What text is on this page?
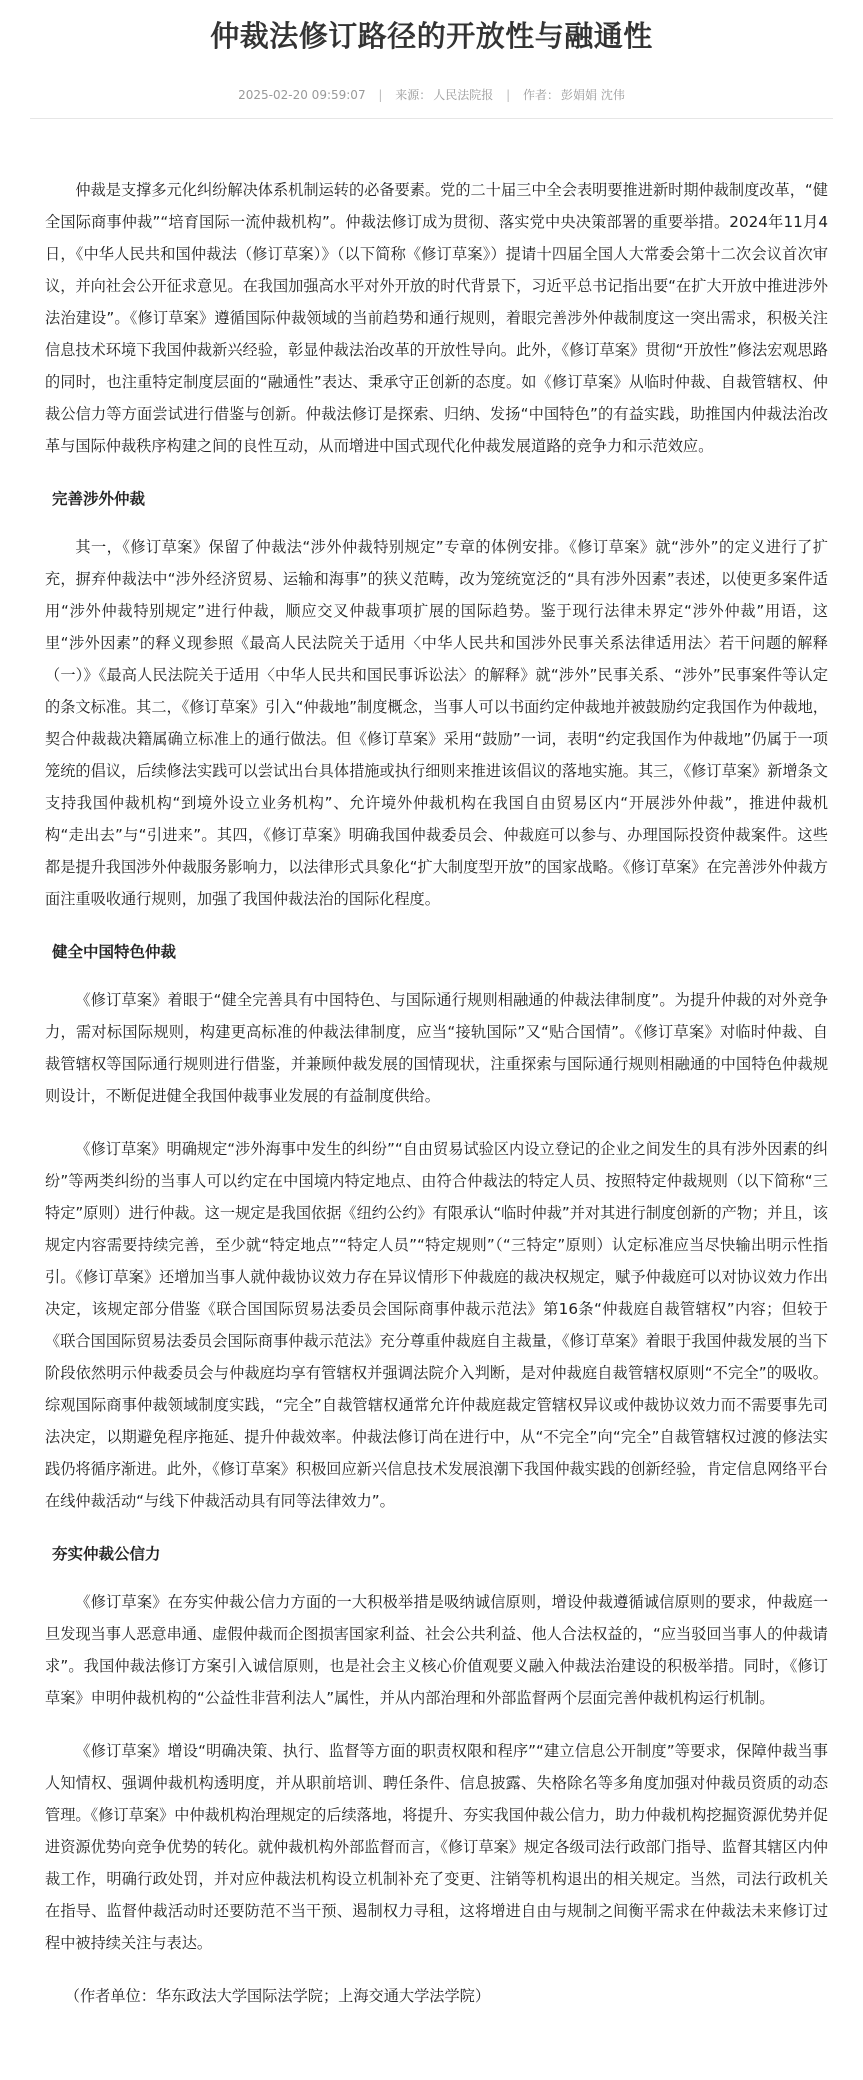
仲裁法修订路径的开放性与融通性
2025-02-20 09:59:07 | 来源： 人民法院报 | 作者： 彭娟娟 沈伟

仲裁是支撑多元化纠纷解决体系机制运转的必备要素。党的二十届三中全会表明要推进新时期仲裁制度改革，“健全国际商事仲裁”“培育国际一流仲裁机构”。仲裁法修订成为贯彻、落实党中央决策部署的重要举措。2024年11月4日，《中华人民共和国仲裁法（修订草案）》（以下简称《修订草案》）提请十四届全国人大常委会第十二次会议首次审议，并向社会公开征求意见。在我国加强高水平对外开放的时代背景下，习近平总书记指出要“在扩大开放中推进涉外法治建设”。《修订草案》遵循国际仲裁领域的当前趋势和通行规则，着眼完善涉外仲裁制度这一突出需求，积极关注信息技术环境下我国仲裁新兴经验，彰显仲裁法治改革的开放性导向。此外，《修订草案》贯彻“开放性”修法宏观思路的同时，也注重特定制度层面的“融通性”表达、秉承守正创新的态度。如《修订草案》从临时仲裁、自裁管辖权、仲裁公信力等方面尝试进行借鉴与创新。仲裁法修订是探索、归纳、发扬“中国特色”的有益实践，助推国内仲裁法治改革与国际仲裁秩序构建之间的良性互动，从而增进中国式现代化仲裁发展道路的竞争力和示范效应。

完善涉外仲裁

其一，《修订草案》保留了仲裁法“涉外仲裁特别规定”专章的体例安排。《修订草案》就“涉外”的定义进行了扩充，摒弃仲裁法中“涉外经济贸易、运输和海事”的狭义范畴，改为笼统宽泛的“具有涉外因素”表述，以使更多案件适用“涉外仲裁特别规定”进行仲裁，顺应交叉仲裁事项扩展的国际趋势。鉴于现行法律未界定“涉外仲裁”用语，这里“涉外因素”的释义现参照《最高人民法院关于适用〈中华人民共和国涉外民事关系法律适用法〉若干问题的解释（一）》《最高人民法院关于适用〈中华人民共和国民事诉讼法〉的解释》就“涉外”民事关系、“涉外”民事案件等认定的条文标准。其二，《修订草案》引入“仲裁地”制度概念，当事人可以书面约定仲裁地并被鼓励约定我国作为仲裁地，契合仲裁裁决籍属确立标准上的通行做法。但《修订草案》采用“鼓励”一词，表明“约定我国作为仲裁地”仍属于一项笼统的倡议，后续修法实践可以尝试出台具体措施或执行细则来推进该倡议的落地实施。其三，《修订草案》新增条文支持我国仲裁机构“到境外设立业务机构”、允许境外仲裁机构在我国自由贸易区内“开展涉外仲裁”，推进仲裁机构“走出去”与“引进来”。其四，《修订草案》明确我国仲裁委员会、仲裁庭可以参与、办理国际投资仲裁案件。这些都是提升我国涉外仲裁服务影响力，以法律形式具象化“扩大制度型开放”的国家战略。《修订草案》在完善涉外仲裁方面注重吸收通行规则，加强了我国仲裁法治的国际化程度。

健全中国特色仲裁

《修订草案》着眼于“健全完善具有中国特色、与国际通行规则相融通的仲裁法律制度”。为提升仲裁的对外竞争力，需对标国际规则，构建更高标准的仲裁法律制度，应当“接轨国际”又“贴合国情”。《修订草案》对临时仲裁、自裁管辖权等国际通行规则进行借鉴，并兼顾仲裁发展的国情现状，注重探索与国际通行规则相融通的中国特色仲裁规则设计，不断促进健全我国仲裁事业发展的有益制度供给。

《修订草案》明确规定“涉外海事中发生的纠纷”“自由贸易试验区内设立登记的企业之间发生的具有涉外因素的纠纷”等两类纠纷的当事人可以约定在中国境内特定地点、由符合仲裁法的特定人员、按照特定仲裁规则（以下简称“三特定”原则）进行仲裁。这一规定是我国依据《纽约公约》有限承认“临时仲裁”并对其进行制度创新的产物；并且，该规定内容需要持续完善，至少就“特定地点”“特定人员”“特定规则”（“三特定”原则）认定标准应当尽快输出明示性指引。《修订草案》还增加当事人就仲裁协议效力存在异议情形下仲裁庭的裁决权规定，赋予仲裁庭可以对协议效力作出决定，该规定部分借鉴《联合国国际贸易法委员会国际商事仲裁示范法》第16条“仲裁庭自裁管辖权”内容；但较于《联合国国际贸易法委员会国际商事仲裁示范法》充分尊重仲裁庭自主裁量，《修订草案》着眼于我国仲裁发展的当下阶段依然明示仲裁委员会与仲裁庭均享有管辖权并强调法院介入判断，是对仲裁庭自裁管辖权原则“不完全”的吸收。综观国际商事仲裁领域制度实践，“完全”自裁管辖权通常允许仲裁庭裁定管辖权异议或仲裁协议效力而不需要事先司法决定，以期避免程序拖延、提升仲裁效率。仲裁法修订尚在进行中，从“不完全”向“完全”自裁管辖权过渡的修法实践仍将循序渐进。此外，《修订草案》积极回应新兴信息技术发展浪潮下我国仲裁实践的创新经验，肯定信息网络平台在线仲裁活动“与线下仲裁活动具有同等法律效力”。

夯实仲裁公信力

《修订草案》在夯实仲裁公信力方面的一大积极举措是吸纳诚信原则，增设仲裁遵循诚信原则的要求，仲裁庭一旦发现当事人恶意串通、虚假仲裁而企图损害国家利益、社会公共利益、他人合法权益的，“应当驳回当事人的仲裁请求”。我国仲裁法修订方案引入诚信原则，也是社会主义核心价值观要义融入仲裁法治建设的积极举措。同时，《修订草案》申明仲裁机构的“公益性非营利法人”属性，并从内部治理和外部监督两个层面完善仲裁机构运行机制。

《修订草案》增设“明确决策、执行、监督等方面的职责权限和程序”“建立信息公开制度”等要求，保障仲裁当事人知情权、强调仲裁机构透明度，并从职前培训、聘任条件、信息披露、失格除名等多角度加强对仲裁员资质的动态管理。《修订草案》中仲裁机构治理规定的后续落地，将提升、夯实我国仲裁公信力，助力仲裁机构挖掘资源优势并促进资源优势向竞争优势的转化。就仲裁机构外部监督而言，《修订草案》规定各级司法行政部门指导、监督其辖区内仲裁工作，明确行政处罚，并对应仲裁法机构设立机制补充了变更、注销等机构退出的相关规定。当然，司法行政机关在指导、监督仲裁活动时还要防范不当干预、遏制权力寻租，这将增进自由与规制之间衡平需求在仲裁法未来修订过程中被持续关注与表达。

（作者单位：华东政法大学国际法学院；上海交通大学法学院）
